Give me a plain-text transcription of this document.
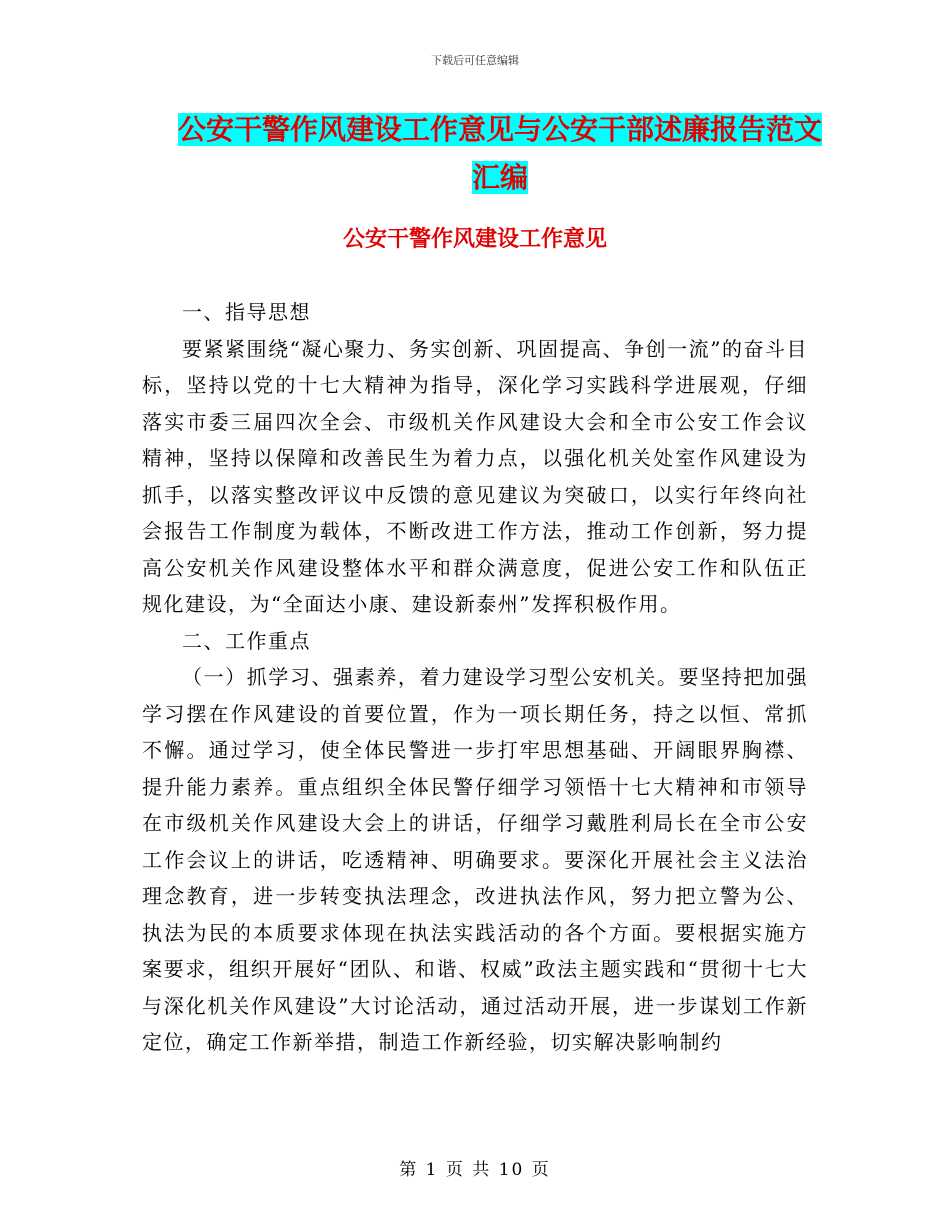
下载后可任意编辑
公安干警作风建设工作意见与公安干部述廉报告范文
汇编
公安干警作风建设工作意见

一、指导思想

要紧紧围绕“凝心聚力、务实创新、巩固提高、争创一流”的奋斗目标，坚持以党的十七大精神为指导，深化学习实践科学进展观，仔细落实市委三届四次全会、市级机关作风建设大会和全市公安工作会议精神，坚持以保障和改善民生为着力点，以强化机关处室作风建设为抓手，以落实整改评议中反馈的意见建议为突破口，以实行年终向社会报告工作制度为载体，不断改进工作方法，推动工作创新，努力提高公安机关作风建设整体水平和群众满意度，促进公安工作和队伍正规化建设，为“全面达小康、建设新泰州”发挥积极作用。

二、工作重点

（一）抓学习、强素养，着力建设学习型公安机关。要坚持把加强学习摆在作风建设的首要位置，作为一项长期任务，持之以恒、常抓不懈。通过学习，使全体民警进一步打牢思想基础、开阔眼界胸襟、提升能力素养。重点组织全体民警仔细学习领悟十七大精神和市领导在市级机关作风建设大会上的讲话，仔细学习戴胜利局长在全市公安工作会议上的讲话，吃透精神、明确要求。要深化开展社会主义法治理念教育，进一步转变执法理念，改进执法作风，努力把立警为公、执法为民的本质要求体现在执法实践活动的各个方面。要根据实施方案要求，组织开展好“团队、和谐、权威”政法主题实践和“贯彻十七大与深化机关作风建设”大讨论活动，通过活动开展，进一步谋划工作新定位，确定工作新举措，制造工作新经验，切实解决影响制约

第 1 页 共 10 页
